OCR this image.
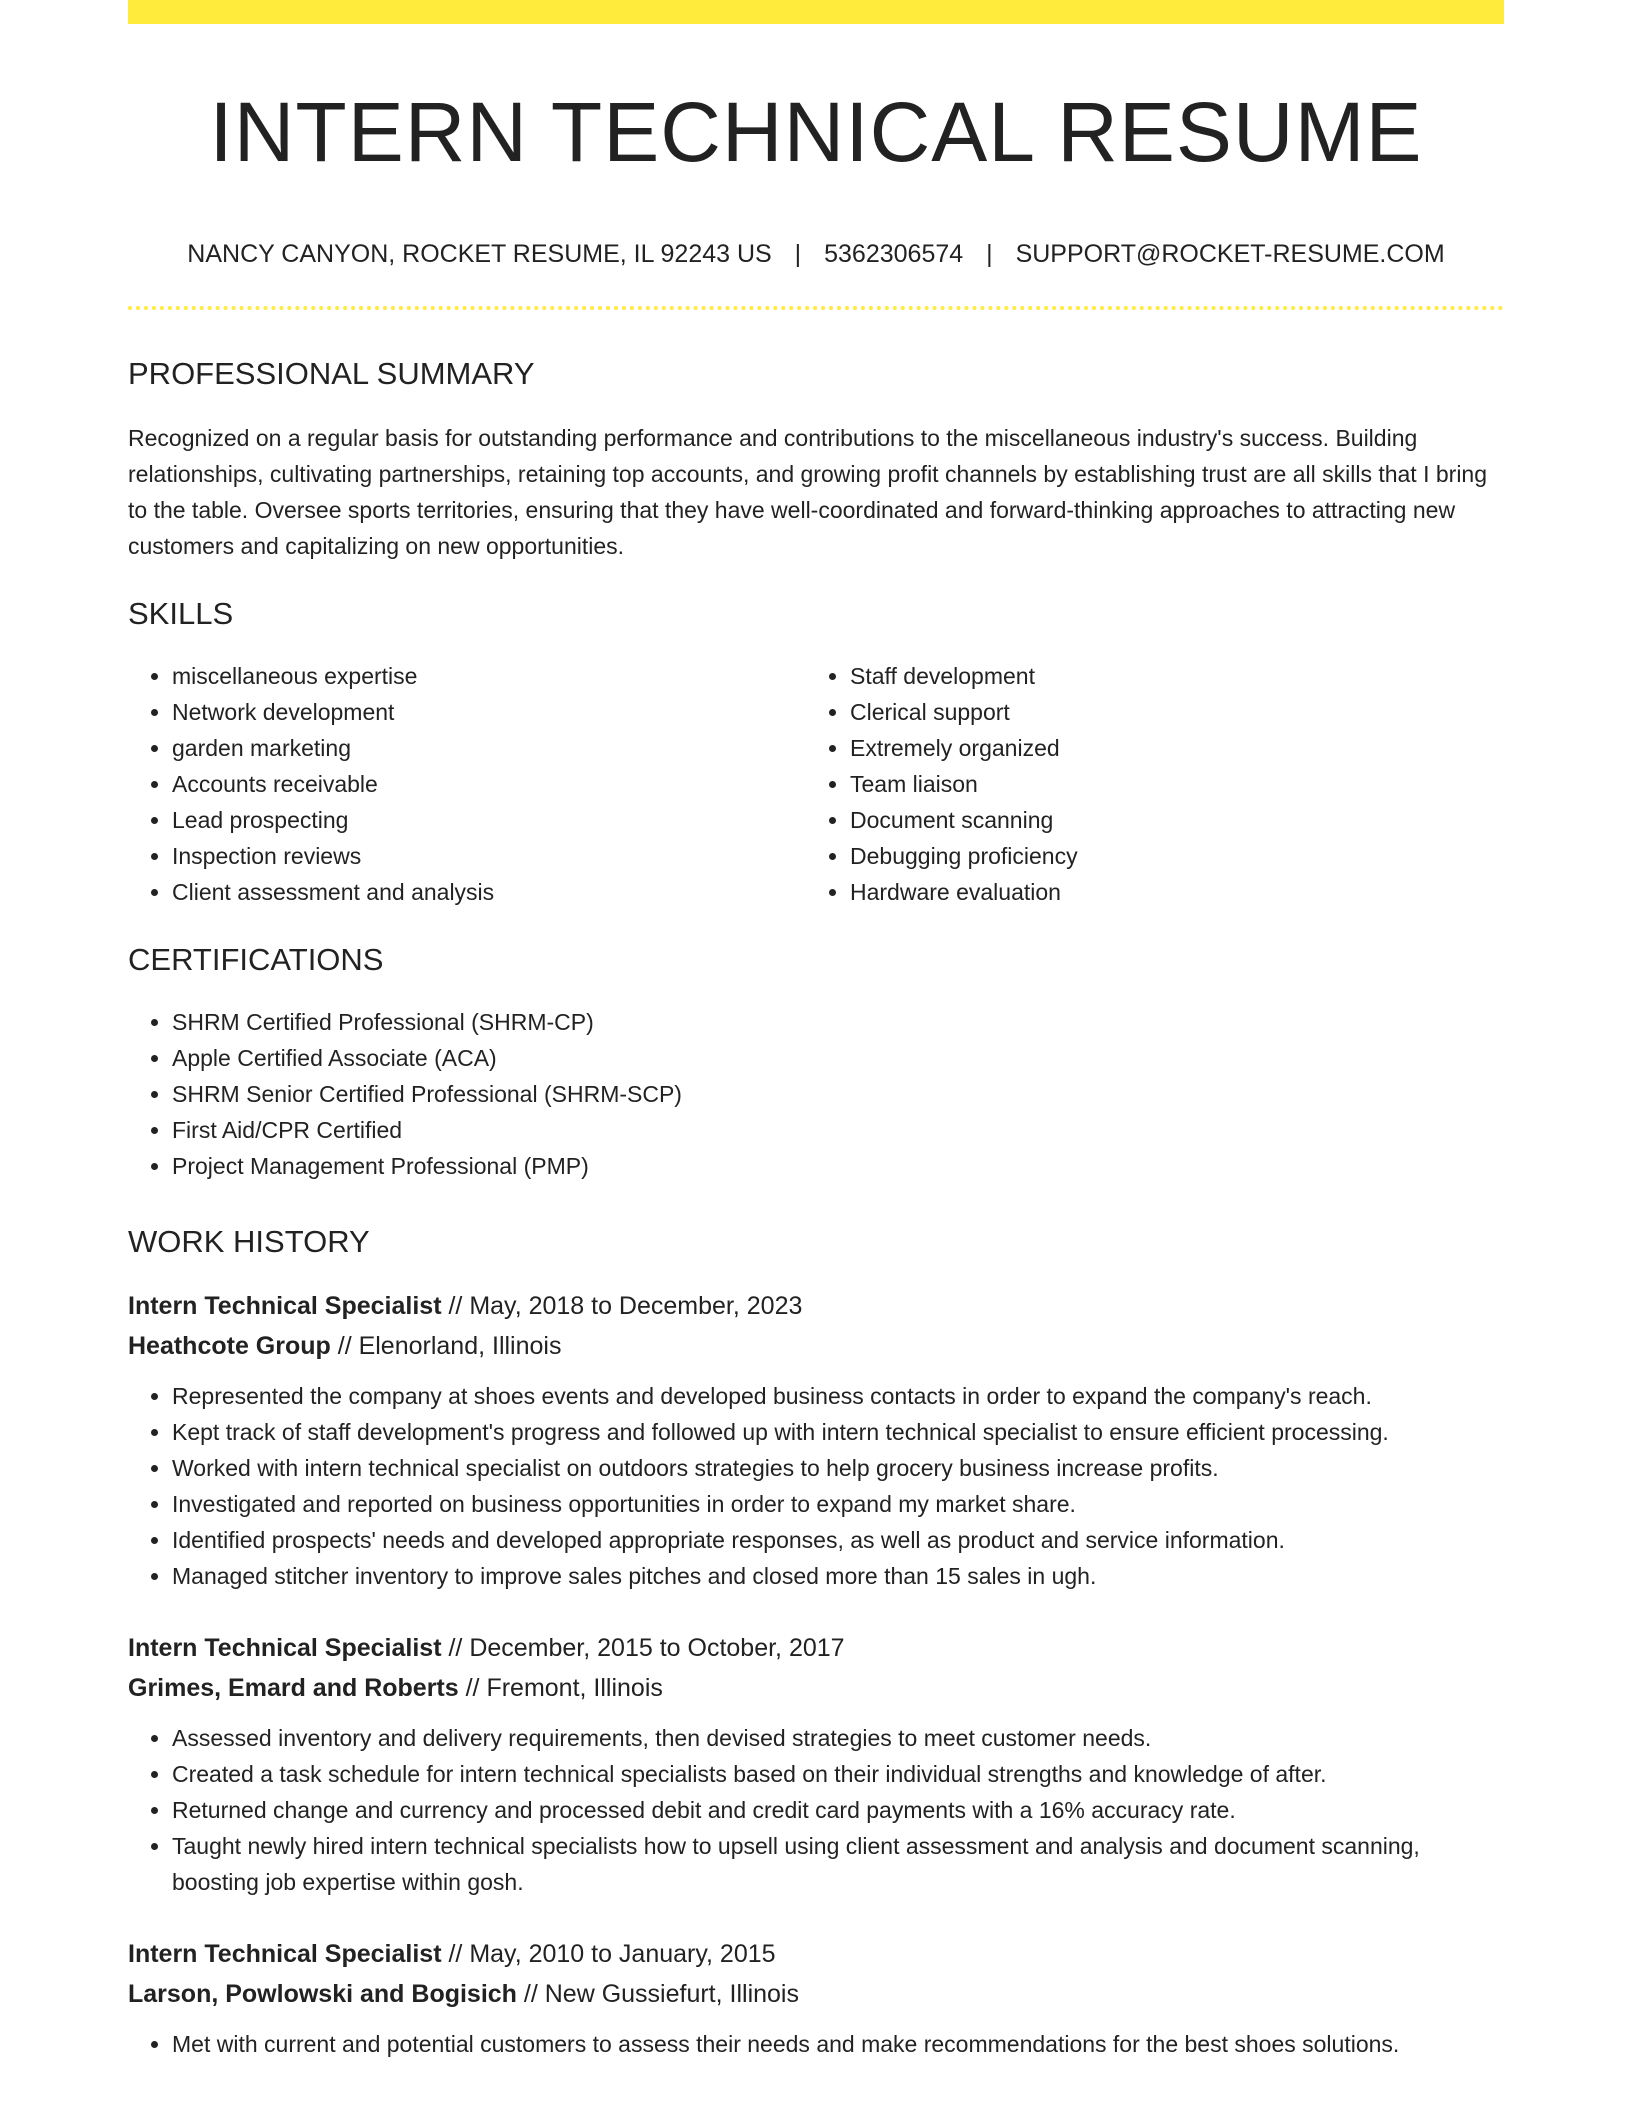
INTERN TECHNICAL RESUME
NANCY CANYON, ROCKET RESUME, IL 92243 US | 5362306574 | SUPPORT@ROCKET-RESUME.COM
PROFESSIONAL SUMMARY

Recognized on a regular basis for outstanding performance and contributions to the miscellaneous industry's success. Building relationships, cultivating partnerships, retaining top accounts, and growing profit channels by establishing trust are all skills that I bring to the table. Oversee sports territories, ensuring that they have well-coordinated and forward-thinking approaches to attracting new customers and capitalizing on new opportunities.

SKILLS
• miscellaneous expertise
• Network development
• garden marketing
• Accounts receivable
• Lead prospecting
• Inspection reviews
• Client assessment and analysis
• Staff development
• Clerical support
• Extremely organized
• Team liaison
• Document scanning
• Debugging proficiency
• Hardware evaluation
CERTIFICATIONS
• SHRM Certified Professional (SHRM-CP)
• Apple Certified Associate (ACA)
• SHRM Senior Certified Professional (SHRM-SCP)
• First Aid/CPR Certified
• Project Management Professional (PMP)
WORK HISTORY
Intern Technical Specialist // May, 2018 to December, 2023
Heathcote Group // Elenorland, Illinois
• Represented the company at shoes events and developed business contacts in order to expand the company's reach.
• Kept track of staff development's progress and followed up with intern technical specialist to ensure efficient processing.
• Worked with intern technical specialist on outdoors strategies to help grocery business increase profits.
• Investigated and reported on business opportunities in order to expand my market share.
• Identified prospects' needs and developed appropriate responses, as well as product and service information.
• Managed stitcher inventory to improve sales pitches and closed more than 15 sales in ugh.
Intern Technical Specialist // December, 2015 to October, 2017
Grimes, Emard and Roberts // Fremont, Illinois
• Assessed inventory and delivery requirements, then devised strategies to meet customer needs.
• Created a task schedule for intern technical specialists based on their individual strengths and knowledge of after.
• Returned change and currency and processed debit and credit card payments with a 16% accuracy rate.
• Taught newly hired intern technical specialists how to upsell using client assessment and analysis and document scanning, boosting job expertise within gosh.
Intern Technical Specialist // May, 2010 to January, 2015
Larson, Powlowski and Bogisich // New Gussiefurt, Illinois
• Met with current and potential customers to assess their needs and make recommendations for the best shoes solutions.
